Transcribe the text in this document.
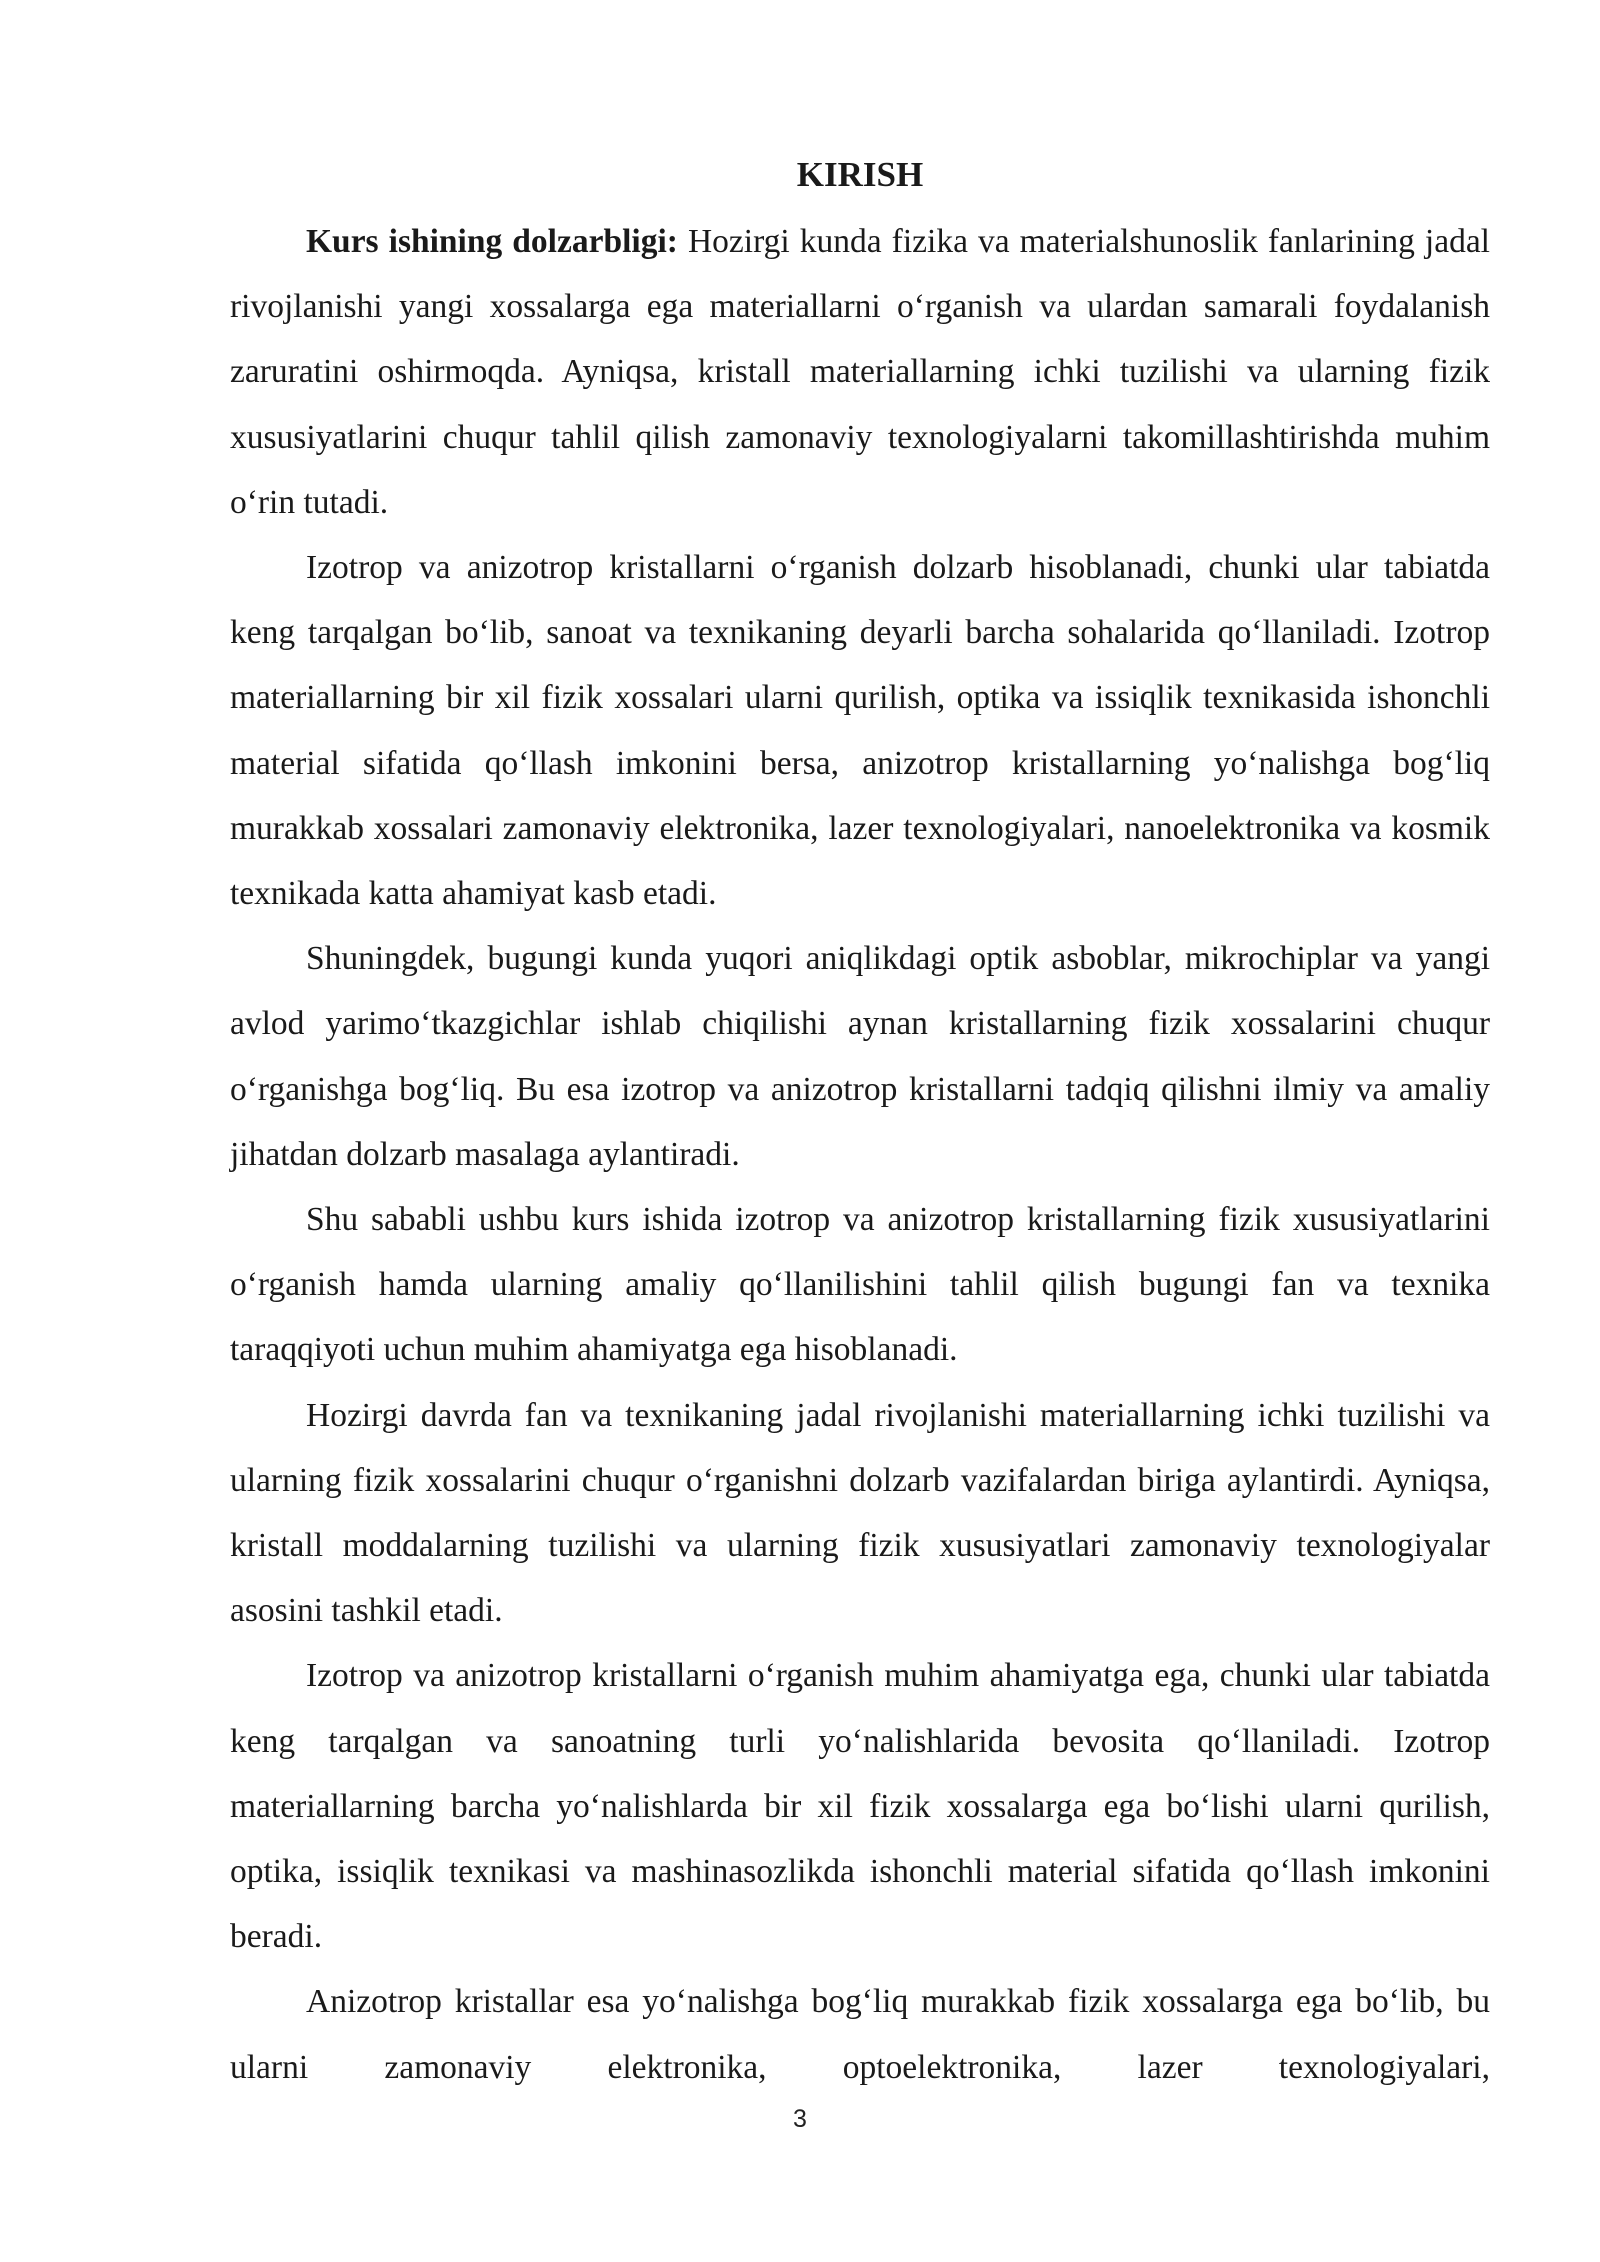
KIRISH

Kurs ishining dolzarbligi: Hozirgi kunda fizika va materialshunoslik fanlarining jadal rivojlanishi yangi xossalarga ega materiallarni o‘rganish va ulardan samarali foydalanish zaruratini oshirmoqda. Ayniqsa, kristall materiallarning ichki tuzilishi va ularning fizik xususiyatlarini chuqur tahlil qilish zamonaviy texnologiyalarni takomillashtirishda muhim o‘rin tutadi.

Izotrop va anizotrop kristallarni o‘rganish dolzarb hisoblanadi, chunki ular tabiatda keng tarqalgan bo‘lib, sanoat va texnikaning deyarli barcha sohalarida qo‘llaniladi. Izotrop materiallarning bir xil fizik xossalari ularni qurilish, optika va issiqlik texnikasida ishonchli material sifatida qo‘llash imkonini bersa, anizotrop kristallarning yo‘nalishga bog‘liq murakkab xossalari zamonaviy elektronika, lazer texnologiyalari, nanoelektronika va kosmik texnikada katta ahamiyat kasb etadi.

Shuningdek, bugungi kunda yuqori aniqlikdagi optik asboblar, mikrochiplar va yangi avlod yarimo‘tkazgichlar ishlab chiqilishi aynan kristallarning fizik xossalarini chuqur o‘rganishga bog‘liq. Bu esa izotrop va anizotrop kristallarni tadqiq qilishni ilmiy va amaliy jihatdan dolzarb masalaga aylantiradi.

Shu sababli ushbu kurs ishida izotrop va anizotrop kristallarning fizik xususiyatlarini o‘rganish hamda ularning amaliy qo‘llanilishini tahlil qilish bugungi fan va texnika taraqqiyoti uchun muhim ahamiyatga ega hisoblanadi.

Hozirgi davrda fan va texnikaning jadal rivojlanishi materiallarning ichki tuzilishi va ularning fizik xossalarini chuqur o‘rganishni dolzarb vazifalardan biriga aylantirdi. Ayniqsa, kristall moddalarning tuzilishi va ularning fizik xususiyatlari zamonaviy texnologiyalar asosini tashkil etadi.

Izotrop va anizotrop kristallarni o‘rganish muhim ahamiyatga ega, chunki ular tabiatda keng tarqalgan va sanoatning turli yo‘nalishlarida bevosita qo‘llaniladi. Izotrop materiallarning barcha yo‘nalishlarda bir xil fizik xossalarga ega bo‘lishi ularni qurilish, optika, issiqlik texnikasi va mashinasozlikda ishonchli material sifatida qo‘llash imkonini beradi.

Anizotrop kristallar esa yo‘nalishga bog‘liq murakkab fizik xossalarga ega bo‘lib, bu ularni zamonaviy elektronika, optoelektronika, lazer texnologiyalari,

3
